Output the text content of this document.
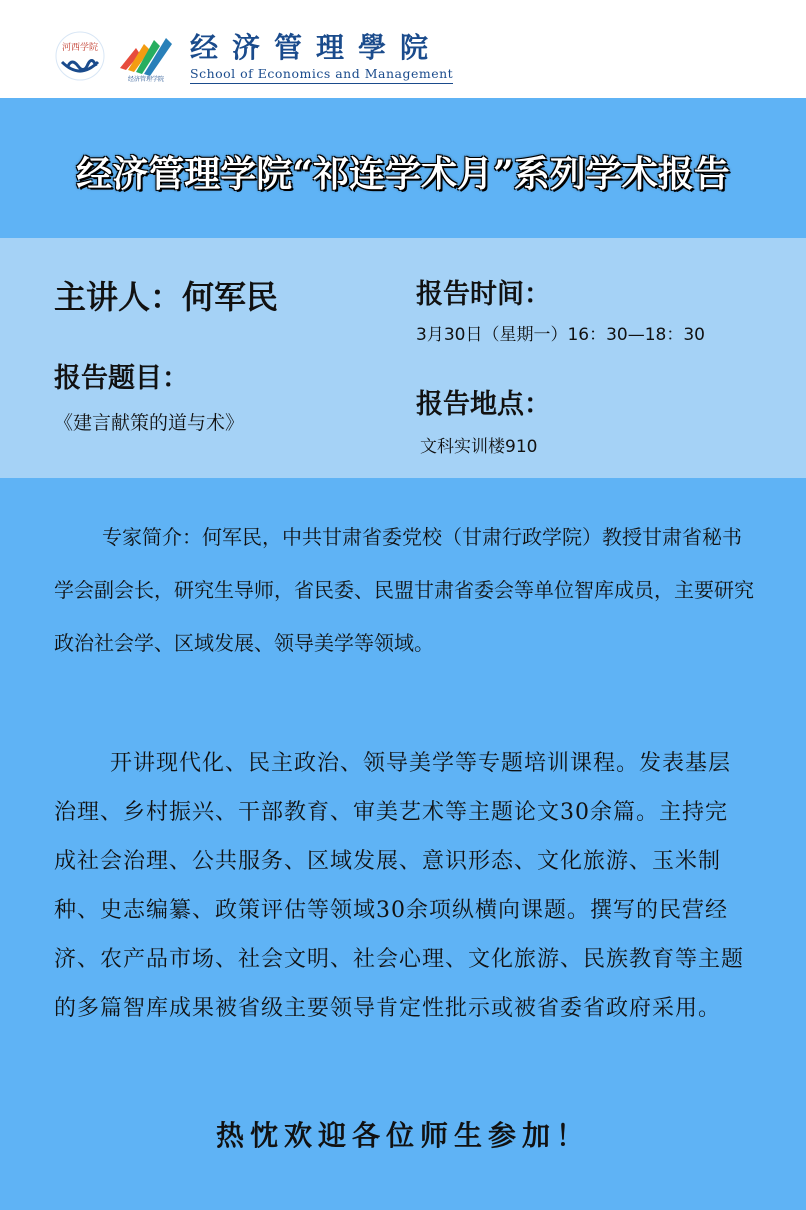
河西学院
经济管理学院
经济管理學院
School of Economics and Management
经济管理学院“祁连学术月”系列学术报告
主讲人：何军民
报告题目：
《建言献策的道与术》
报告时间：
3月30日（星期一）16：30—18：30
报告地点：
文科实训楼910
专家简介：何军民，中共甘肃省委党校（甘肃行政学院）教授甘肃省秘书学会副会长，研究生导师，省民委、民盟甘肃省委会等单位智库成员，主要研究政治社会学、区域发展、领导美学等领域。
开讲现代化、民主政治、领导美学等专题培训课程。发表基层治理、乡村振兴、干部教育、审美艺术等主题论文30余篇。主持完成社会治理、公共服务、区域发展、意识形态、文化旅游、玉米制种、史志编纂、政策评估等领域30余项纵横向课题。撰写的民营经济、农产品市场、社会文明、社会心理、文化旅游、民族教育等主题的多篇智库成果被省级主要领导肯定性批示或被省委省政府采用。
热忱欢迎各位师生参加！
